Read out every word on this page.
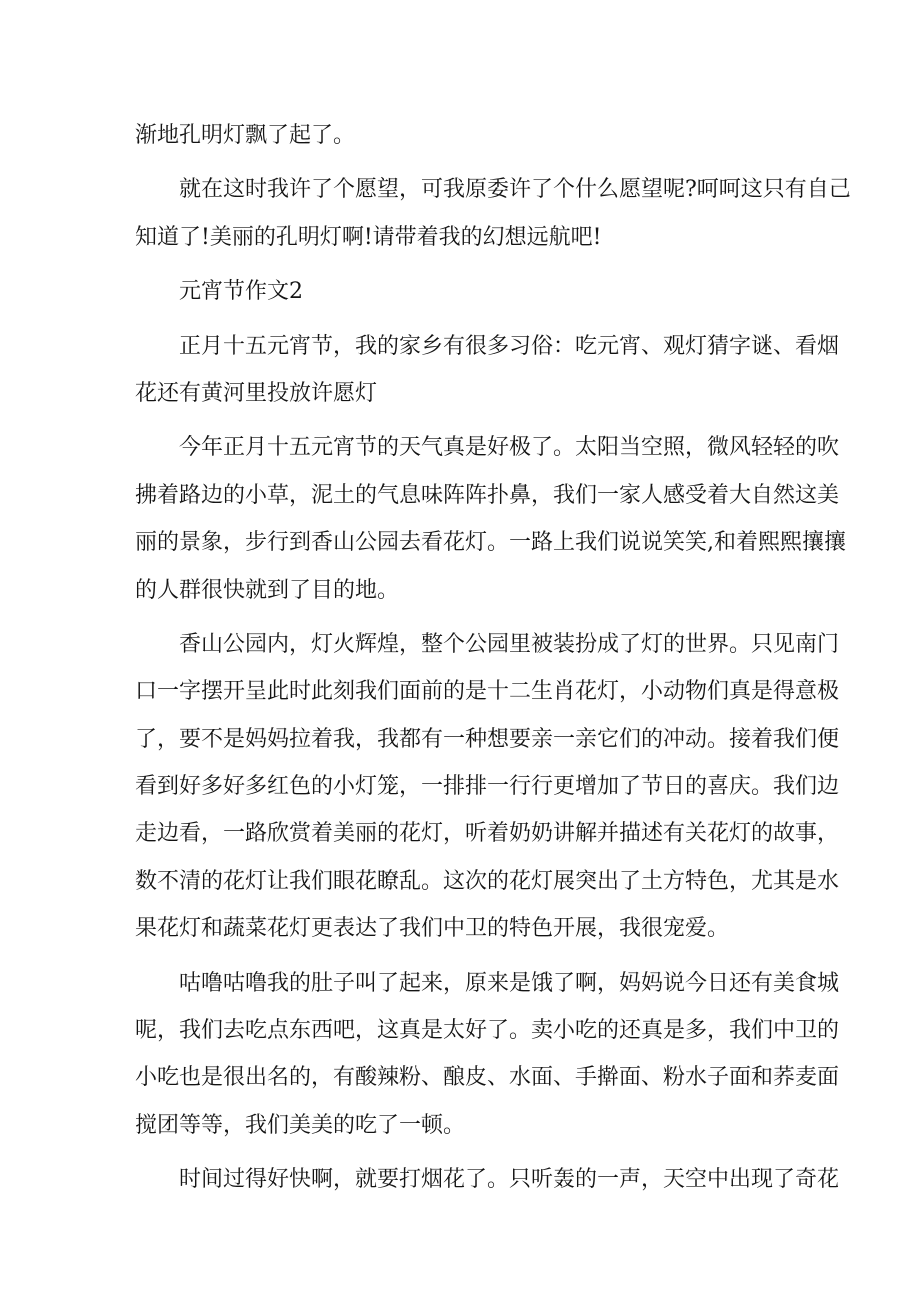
渐地孔明灯飘了起了。
就在这时我许了个愿望，可我原委许了个什么愿望呢?呵呵这只有自己
知道了!美丽的孔明灯啊!请带着我的幻想远航吧!
元宵节作文2
正月十五元宵节，我的家乡有很多习俗：吃元宵、观灯猜字谜、看烟
花还有黄河里投放许愿灯
今年正月十五元宵节的天气真是好极了。太阳当空照，微风轻轻的吹
拂着路边的小草，泥土的气息味阵阵扑鼻，我们一家人感受着大自然这美
丽的景象，步行到香山公园去看花灯。一路上我们说说笑笑,和着熙熙攘攘
的人群很快就到了目的地。
香山公园内，灯火辉煌，整个公园里被装扮成了灯的世界。只见南门
口一字摆开呈此时此刻我们面前的是十二生肖花灯，小动物们真是得意极
了，要不是妈妈拉着我，我都有一种想要亲一亲它们的冲动。接着我们便
看到好多好多红色的小灯笼，一排排一行行更增加了节日的喜庆。我们边
走边看，一路欣赏着美丽的花灯，听着奶奶讲解并描述有关花灯的故事，
数不清的花灯让我们眼花瞭乱。这次的花灯展突出了土方特色，尤其是水
果花灯和蔬菜花灯更表达了我们中卫的特色开展，我很宠爱。
咕噜咕噜我的肚子叫了起来，原来是饿了啊，妈妈说今日还有美食城
呢，我们去吃点东西吧，这真是太好了。卖小吃的还真是多，我们中卫的
小吃也是很出名的，有酸辣粉、酿皮、水面、手擀面、粉水子面和荞麦面
搅团等等，我们美美的吃了一顿。
时间过得好快啊，就要打烟花了。只听轰的一声，天空中出现了奇花
